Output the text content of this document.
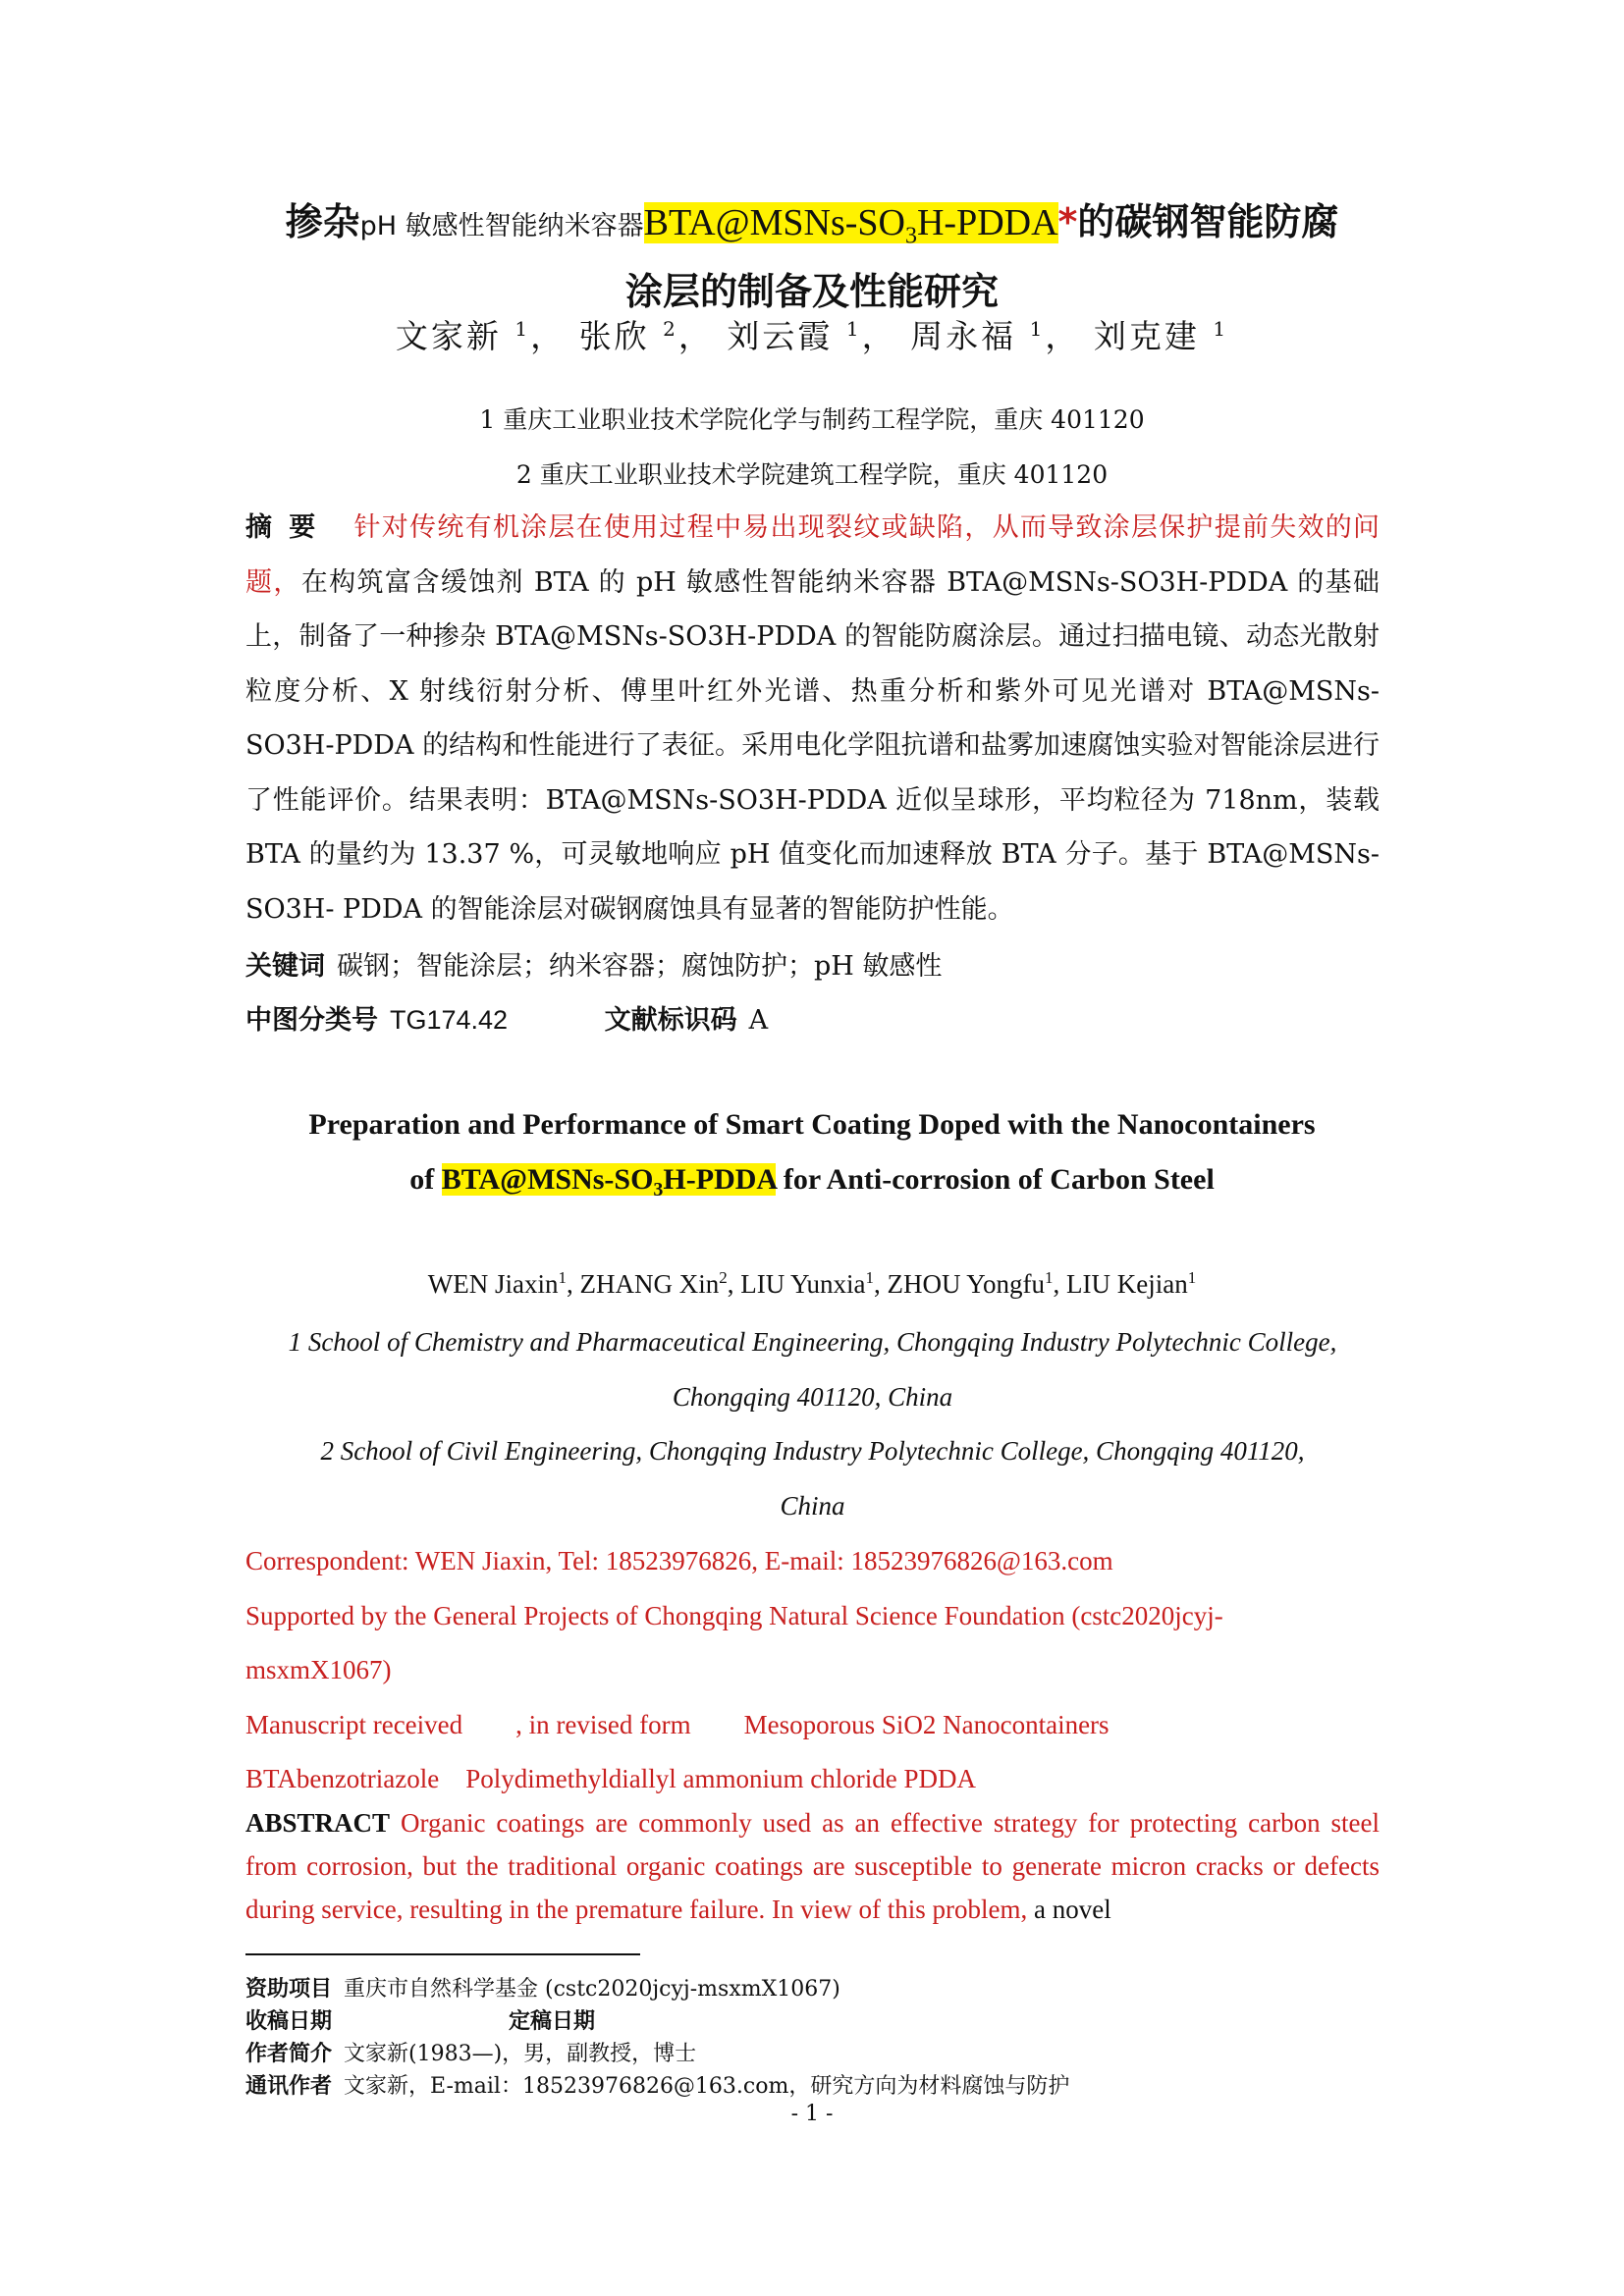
掺杂pH 敏感性智能纳米容器$BTA@MSNs-SO_3H-PDDA*$的碳钢智能防腐
涂层的制备及性能研究
文家新 $^1$， 张欣 $^2$， 刘云霞 $^1$， 周永福 $^1$， 刘克建 $^1$
1 重庆工业职业技术学院化学与制药工程学院，重庆 401120
2 重庆工业职业技术学院建筑工程学院，重庆 401120
摘要 针对传统有机涂层在使用过程中易出现裂纹或缺陷，从而导致涂层保护提前失效的问题，在构筑富含缓蚀剂 BTA 的 pH 敏感性智能纳米容器 BTA@MSNs-SO3H-PDDA 的基础上，制备了一种掺杂 BTA@MSNs-SO3H-PDDA 的智能防腐涂层。通过扫描电镜、动态光散射粒度分析、X 射线衍射分析、傅里叶红外光谱、热重分析和紫外可见光谱对 BTA@MSNs-SO3H-PDDA 的结构和性能进行了表征。采用电化学阻抗谱和盐雾加速腐蚀实验对智能涂层进行了性能评价。结果表明：BTA@MSNs-SO3H-PDDA 近似呈球形，平均粒径为 718nm，装载 BTA 的量约为 13.37 %，可灵敏地响应 pH 值变化而加速释放 BTA 分子。基于 BTA@MSNs-SO3H- PDDA 的智能涂层对碳钢腐蚀具有显著的智能防护性能。
关键词 碳钢；智能涂层；纳米容器；腐蚀防护；pH 敏感性
中图分类号 TG174.42	文献标识码 A
Preparation and Performance of Smart Coating Doped with the Nanocontainers
of $BTA@MSNs-SO_3H$-PDDA for Anti-corrosion of Carbon Steel
WEN Jiaxin$^1$, ZHANG Xin$^2$, LIU Yunxia$^1$, ZHOU Yongfu$^1$, LIU Kejian$^1$
1 School of Chemistry and Pharmaceutical Engineering, Chongqing Industry Polytechnic College,
Chongqing 401120, China
2 School of Civil Engineering, Chongqing Industry Polytechnic College, Chongqing 401120,
China
Correspondent: WEN Jiaxin, Tel: 18523976826, E-mail: 18523976826@163.com
Supported by the General Projects of Chongqing Natural Science Foundation (cstc2020jcyj-
msxmX1067)
Manuscript received        , in revised form        Mesoporous SiO2 Nanocontainers
BTAbenzotriazole    Polydimethyldiallyl ammonium chloride PDDA
ABSTRACT Organic coatings are commonly used as an effective strategy for protecting carbon steel from corrosion, but the traditional organic coatings are susceptible to generate micron cracks or defects during service, resulting in the premature failure. In view of this problem, a novel
资助项目 重庆市自然科学基金 (cstc2020jcyj-msxmX1067)
收稿日期	定稿日期
作者简介 文家新(1983—)，男，副教授，博士
通讯作者 文家新，E-mail：18523976826@163.com，研究方向为材料腐蚀与防护
- 1 -
